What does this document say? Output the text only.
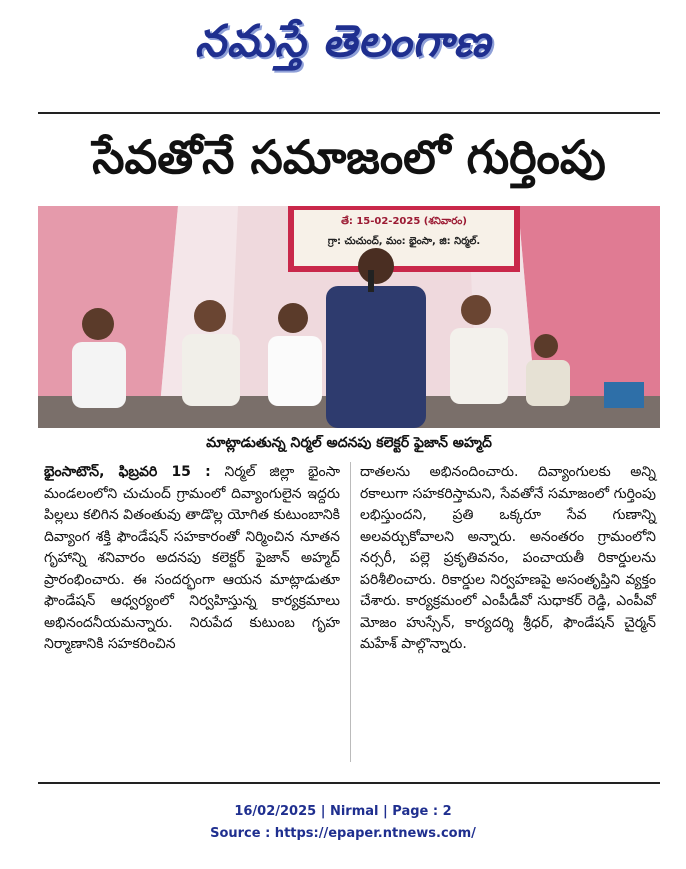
నమస్తే తెలంగాణ
సేవతోనే సమాజంలో గుర్తింపు
తే: 15-02-2025 (శనివారం)
గ్రా: చుచుంద్, మం: భైంసా, జి: నిర్మల్.
మాట్లాడుతున్న నిర్మల్ అదనపు కలెక్టర్ ఫైజాన్ అహ్మద్

భైంసాటౌన్, ఫిబ్రవరి 15 : నిర్మల్ జిల్లా భైంసా మండలంలోని చుచుంద్ గ్రామంలో దివ్యాంగులైన ఇద్దరు పిల్లలు కలిగిన వితంతువు తాడొల్ల యోగిత కుటుంబానికి దివ్యాంగ శక్తి ఫౌండేషన్ సహకారంతో నిర్మించిన నూతన గృహాన్ని శనివారం అదనపు కలెక్టర్ ఫైజాన్ అహ్మద్ ప్రారంభించారు. ఈ సందర్భంగా ఆయన మాట్లాడుతూ ఫౌండేషన్ ఆధ్వర్యంలో నిర్వహిస్తున్న కార్యక్రమాలు అభినందనీయమన్నారు. నిరుపేద కుటుంబ గృహ నిర్మాణానికి సహకరించిన

దాతలను అభినందించారు. దివ్యాంగులకు అన్ని రకాలుగా సహకరిస్తామని, సేవతోనే సమాజంలో గుర్తింపు లభిస్తుందని, ప్రతి ఒక్కరూ సేవ గుణాన్ని అలవర్చుకోవాలని అన్నారు. అనంతరం గ్రామంలోని నర్సరీ, పల్లె ప్రకృతివనం, పంచాయతీ రికార్డులను పరిశీలించారు. రికార్డుల నిర్వహణపై అసంతృప్తిని వ్యక్తం చేశారు. కార్యక్రమంలో ఎంపీడీవో సుధాకర్ రెడ్డి, ఎంపీవో మోజం హుస్సేన్, కార్యదర్శి శ్రీధర్, ఫౌండేషన్ చైర్మన్ మహేశ్ పాల్గొన్నారు.

16/02/2025 | Nirmal | Page : 2
Source : https://epaper.ntnews.com/
